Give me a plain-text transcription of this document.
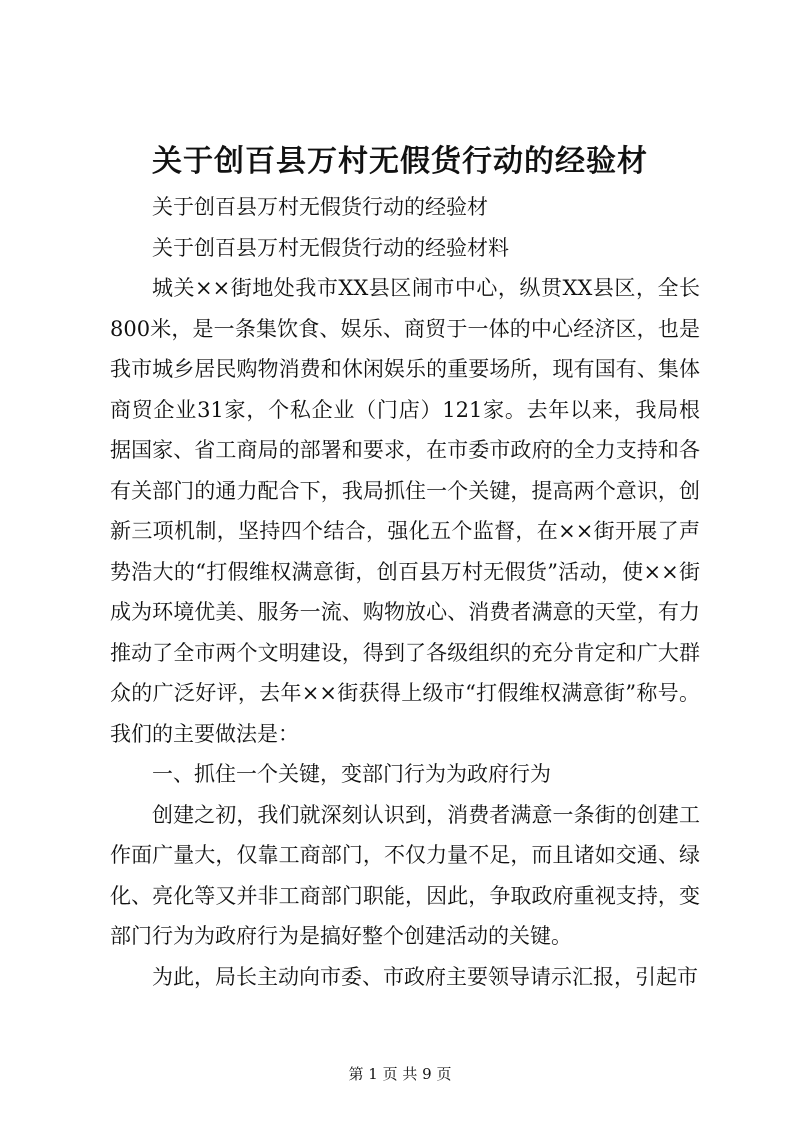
关于创百县万村无假货行动的经验材

关于创百县万村无假货行动的经验材

关于创百县万村无假货行动的经验材料

城关××街地处我市XX县区闹市中心，纵贯XX县区，全长800米，是一条集饮食、娱乐、商贸于一体的中心经济区，也是我市城乡居民购物消费和休闲娱乐的重要场所，现有国有、集体商贸企业31家，个私企业（门店）121家。去年以来，我局根据国家、省工商局的部署和要求，在市委市政府的全力支持和各有关部门的通力配合下，我局抓住一个关键，提高两个意识，创新三项机制，坚持四个结合，强化五个监督，在××街开展了声势浩大的“打假维权满意街，创百县万村无假货”活动，使××街成为环境优美、服务一流、购物放心、消费者满意的天堂，有力推动了全市两个文明建设，得到了各级组织的充分肯定和广大群众的广泛好评，去年××街获得上级市“打假维权满意街”称号。我们的主要做法是：

一、抓住一个关键，变部门行为为政府行为

创建之初，我们就深刻认识到，消费者满意一条街的创建工作面广量大，仅靠工商部门，不仅力量不足，而且诸如交通、绿化、亮化等又并非工商部门职能，因此，争取政府重视支持，变部门行为为政府行为是搞好整个创建活动的关键。

为此，局长主动向市委、市政府主要领导请示汇报，引起市

第 1 页 共 9 页
